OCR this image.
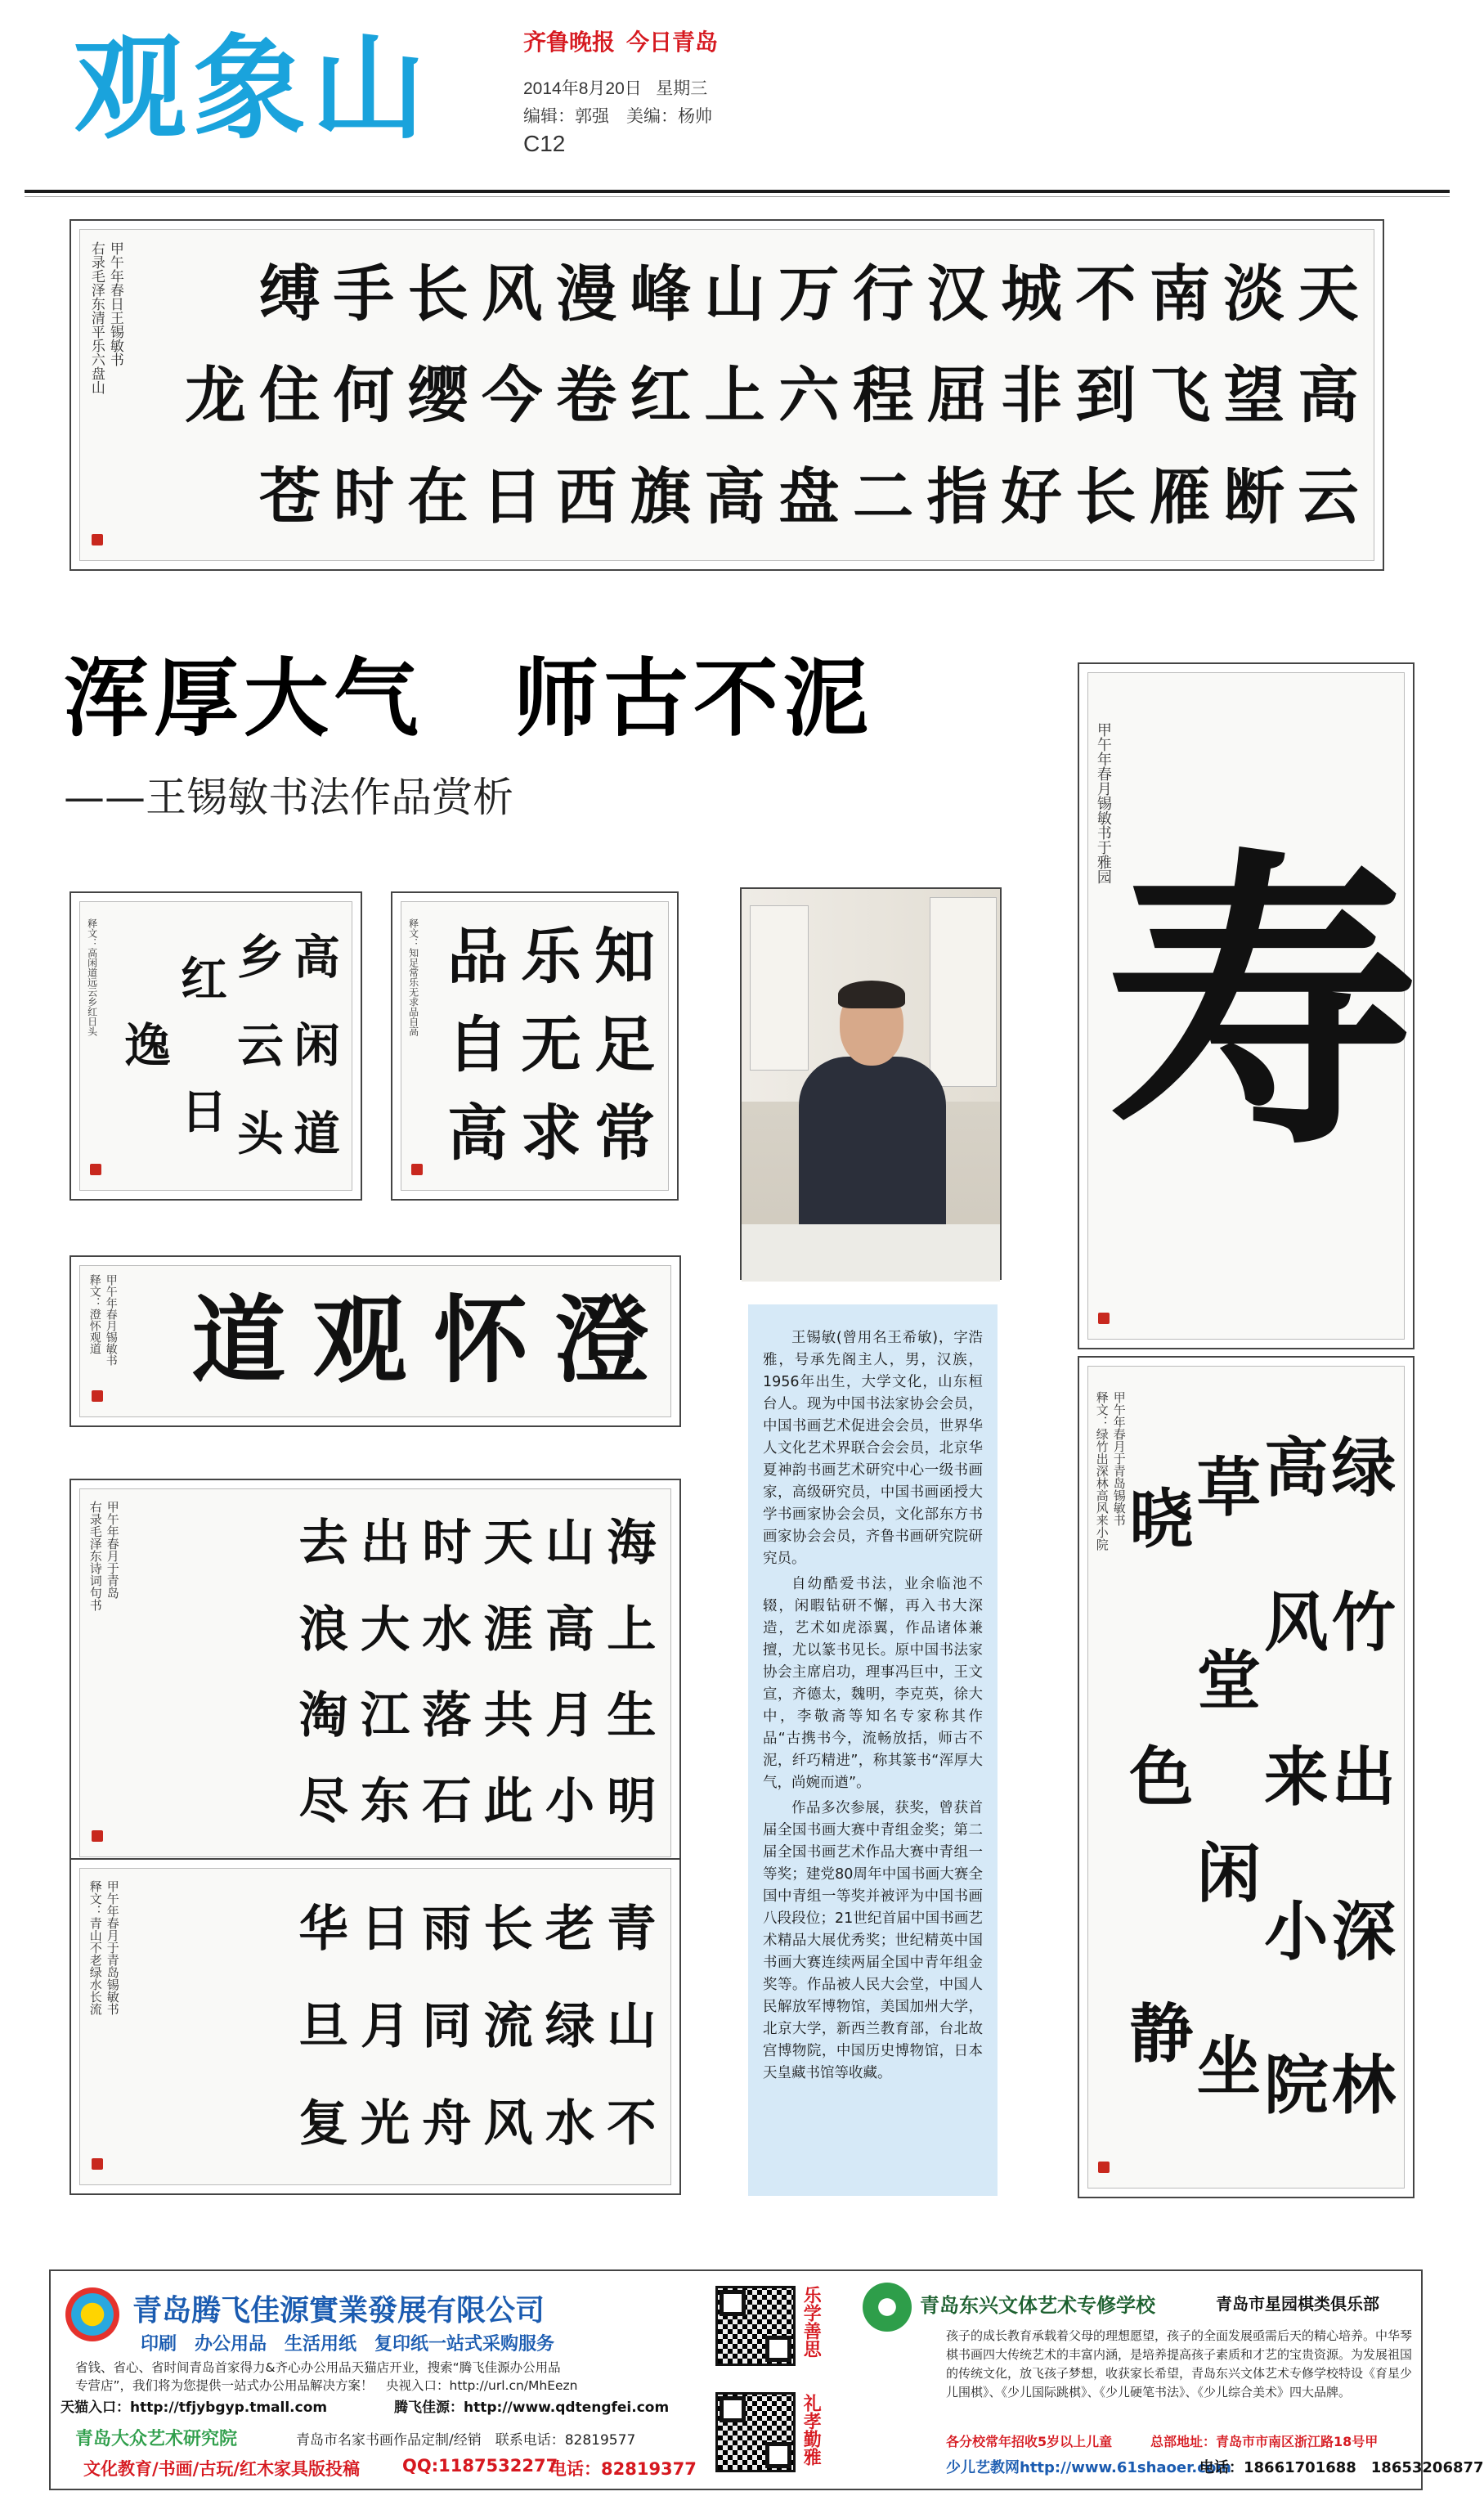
观象山	齐鲁晚报 今日青岛
2014年8月20日 星期三
编辑：郭强　美编：杨帅
C12
天
高
云
淡
望
断
南
飞
雁
不
到
长
城
非
好
汉
屈
指
行
程
二
万
六
盘
山
上
高
峰
红
旗
漫
卷
西
风
今
日
长
缨
在
手
何
时
缚
住
苍
龙
右录毛泽东清平乐六盘山 甲午年春日王锡敏书
浑厚大气　师古不泥
——王锡敏书法作品赏析
寿
甲午年春月锡敏书于雅园
绿
竹
出
深
林
高
风
来
小
院
草
堂
闲
坐
晓
色
静
释文：绿竹出深林高风来小院 甲午年春月于青岛锡敏书
高
闲
道
乡
云
头
红
日
逸
释文：高闲道远云乡红日头	知
足
常
乐
无
求
品
自
高
释文：知足常乐无求品自高
澄
怀
观
道
释文：澄怀观道 甲午年春月锡敏书
海
上
生
明
山
高
月
小
天
涯
共
此
时
水
落
石
出
大
江
东
去
浪
淘
尽
右录毛泽东诗词句书 甲午年春月于青岛
青
山
不
老
绿
水
长
流
风
雨
同
舟
日
月
光
华
旦
复
释文：青山不老绿水长流 甲午年春月于青岛锡敏书

王锡敏(曾用名王希敏)，字浩雅，号承先阁主人，男，汉族，1956年出生，大学文化，山东桓台人。现为中国书法家协会会员，中国书画艺术促进会会员，世界华人文化艺术界联合会会员，北京华夏神韵书画艺术研究中心一级书画家，高级研究员，中国书画函授大学书画家协会会员，文化部东方书画家协会会员，齐鲁书画研究院研究员。

自幼酷爱书法，业余临池不辍，闲暇钻研不懈，再入书大深造，艺术如虎添翼，作品诸体兼擅，尤以篆书见长。原中国书法家协会主席启功，理事冯巨中，王文宣，齐德太，魏明，李克英，徐大中，李敬斋等知名专家称其作品“古携书今，流畅放括，师古不泥，纤巧精进”，称其篆书“浑厚大气，尚婉而遒”。

作品多次参展，获奖，曾获首届全国书画大赛中青组金奖；第二届全国书画艺术作品大赛中青组一等奖；建党80周年中国书画大赛全国中青组一等奖并被评为中国书画八段段位；21世纪首届中国书画艺术精品大展优秀奖；世纪精英中国书画大赛连续两届全国中青年组金奖等。作品被人民大会堂，中国人民解放军博物馆，美国加州大学，北京大学，新西兰教育部，台北故宫博物院，中国历史博物馆，日本天皇藏书馆等收藏。

青岛腾飞佳源實業發展有限公司
印刷　办公用品　生活用纸　复印纸一站式采购服务
省钱、省心、省时间青岛首家得力&齐心办公用品天猫店开业，搜索“腾飞佳源办公用品
专营店”，我们将为您提供一站式办公用品解决方案！　央视入口：http://url.cn/MhEezn
天猫入口：http://tfjybgyp.tmall.com	腾飞佳源：http://www.qdtengfei.com
青岛大众艺术研究院	青岛市名家书画作品定制/经销　联系电话：82819577
文化教育/书画/古玩/红木家具版投稿 QQ:1187532277
电话：82819377
乐学善思
礼孝勤雅
青岛东兴文体艺术专修学校	青岛市星园棋类俱乐部
孩子的成长教育承载着父母的理想愿望，孩子的全面发展亟需后天的精心培养。中华琴棋书画四大传统艺术的丰富内涵，是培养提高孩子素质和才艺的宝贵资源。为发展祖国的传统文化，放飞孩子梦想，收获家长希望，青岛东兴文体艺术专修学校特设《育星少儿围棋》、《少儿国际跳棋》、《少儿硬笔书法》、《少儿综合美术》四大品牌。
各分校常年招收5岁以上儿童	总部地址：青岛市市南区浙江路18号甲
少儿艺教网http://www.61shaoer.com
电话：18661701688　18653206877
